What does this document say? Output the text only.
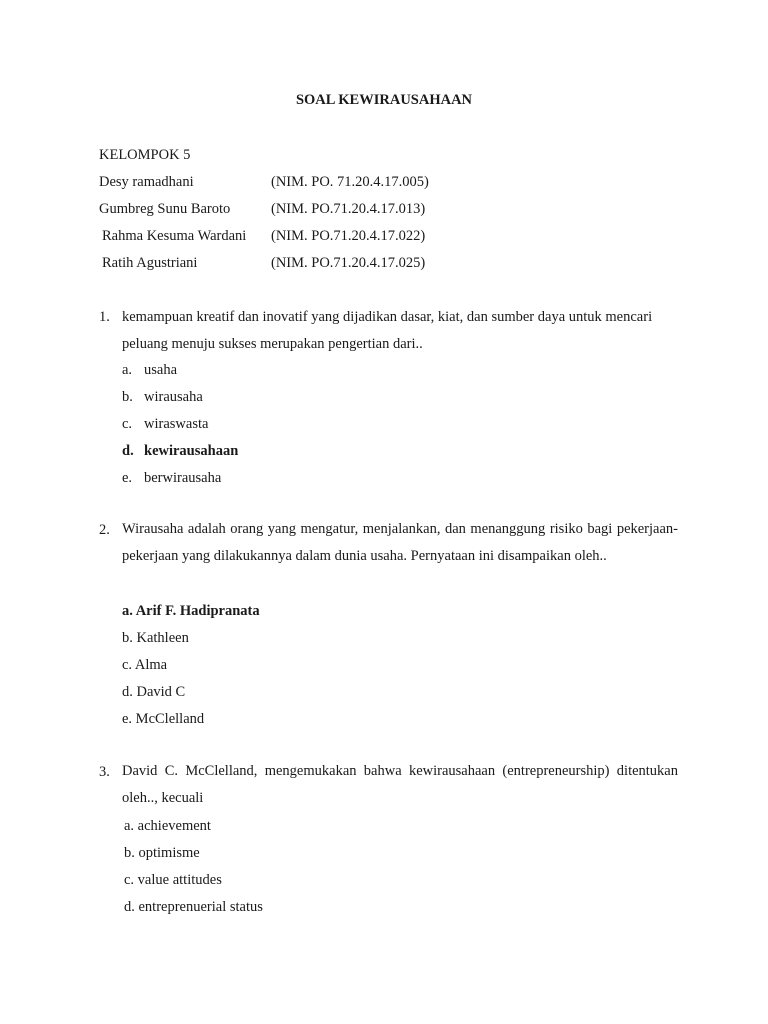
SOAL KEWIRAUSAHAAN
KELOMPOK 5
Desy ramadhani	(NIM. PO. 71.20.4.17.005)
Gumbreg Sunu Baroto	(NIM. PO.71.20.4.17.013)
Rahma Kesuma Wardani (NIM. PO.71.20.4.17.022)
Ratih Agustriani	(NIM. PO.71.20.4.17.025)
1. kemampuan kreatif dan inovatif yang dijadikan dasar, kiat, dan sumber daya untuk mencari
peluang menuju sukses merupakan pengertian dari..
a. usaha
b. wirausaha
c. wiraswasta
d. kewirausahaan
e. berwirausaha
2. Wirausaha adalah orang yang mengatur, menjalankan, dan menanggung risiko bagi pekerjaan-pekerjaan yang dilakukannya dalam dunia usaha. Pernyataan ini disampaikan oleh..
a. Arif F. Hadipranata
b. Kathleen
c. Alma
d. David C
e. McClelland
3. David C. McClelland, mengemukakan bahwa kewirausahaan (entrepreneurship) ditentukan oleh.., kecuali
a. achievement
b. optimisme
c. value attitudes
d. entreprenuerial status
